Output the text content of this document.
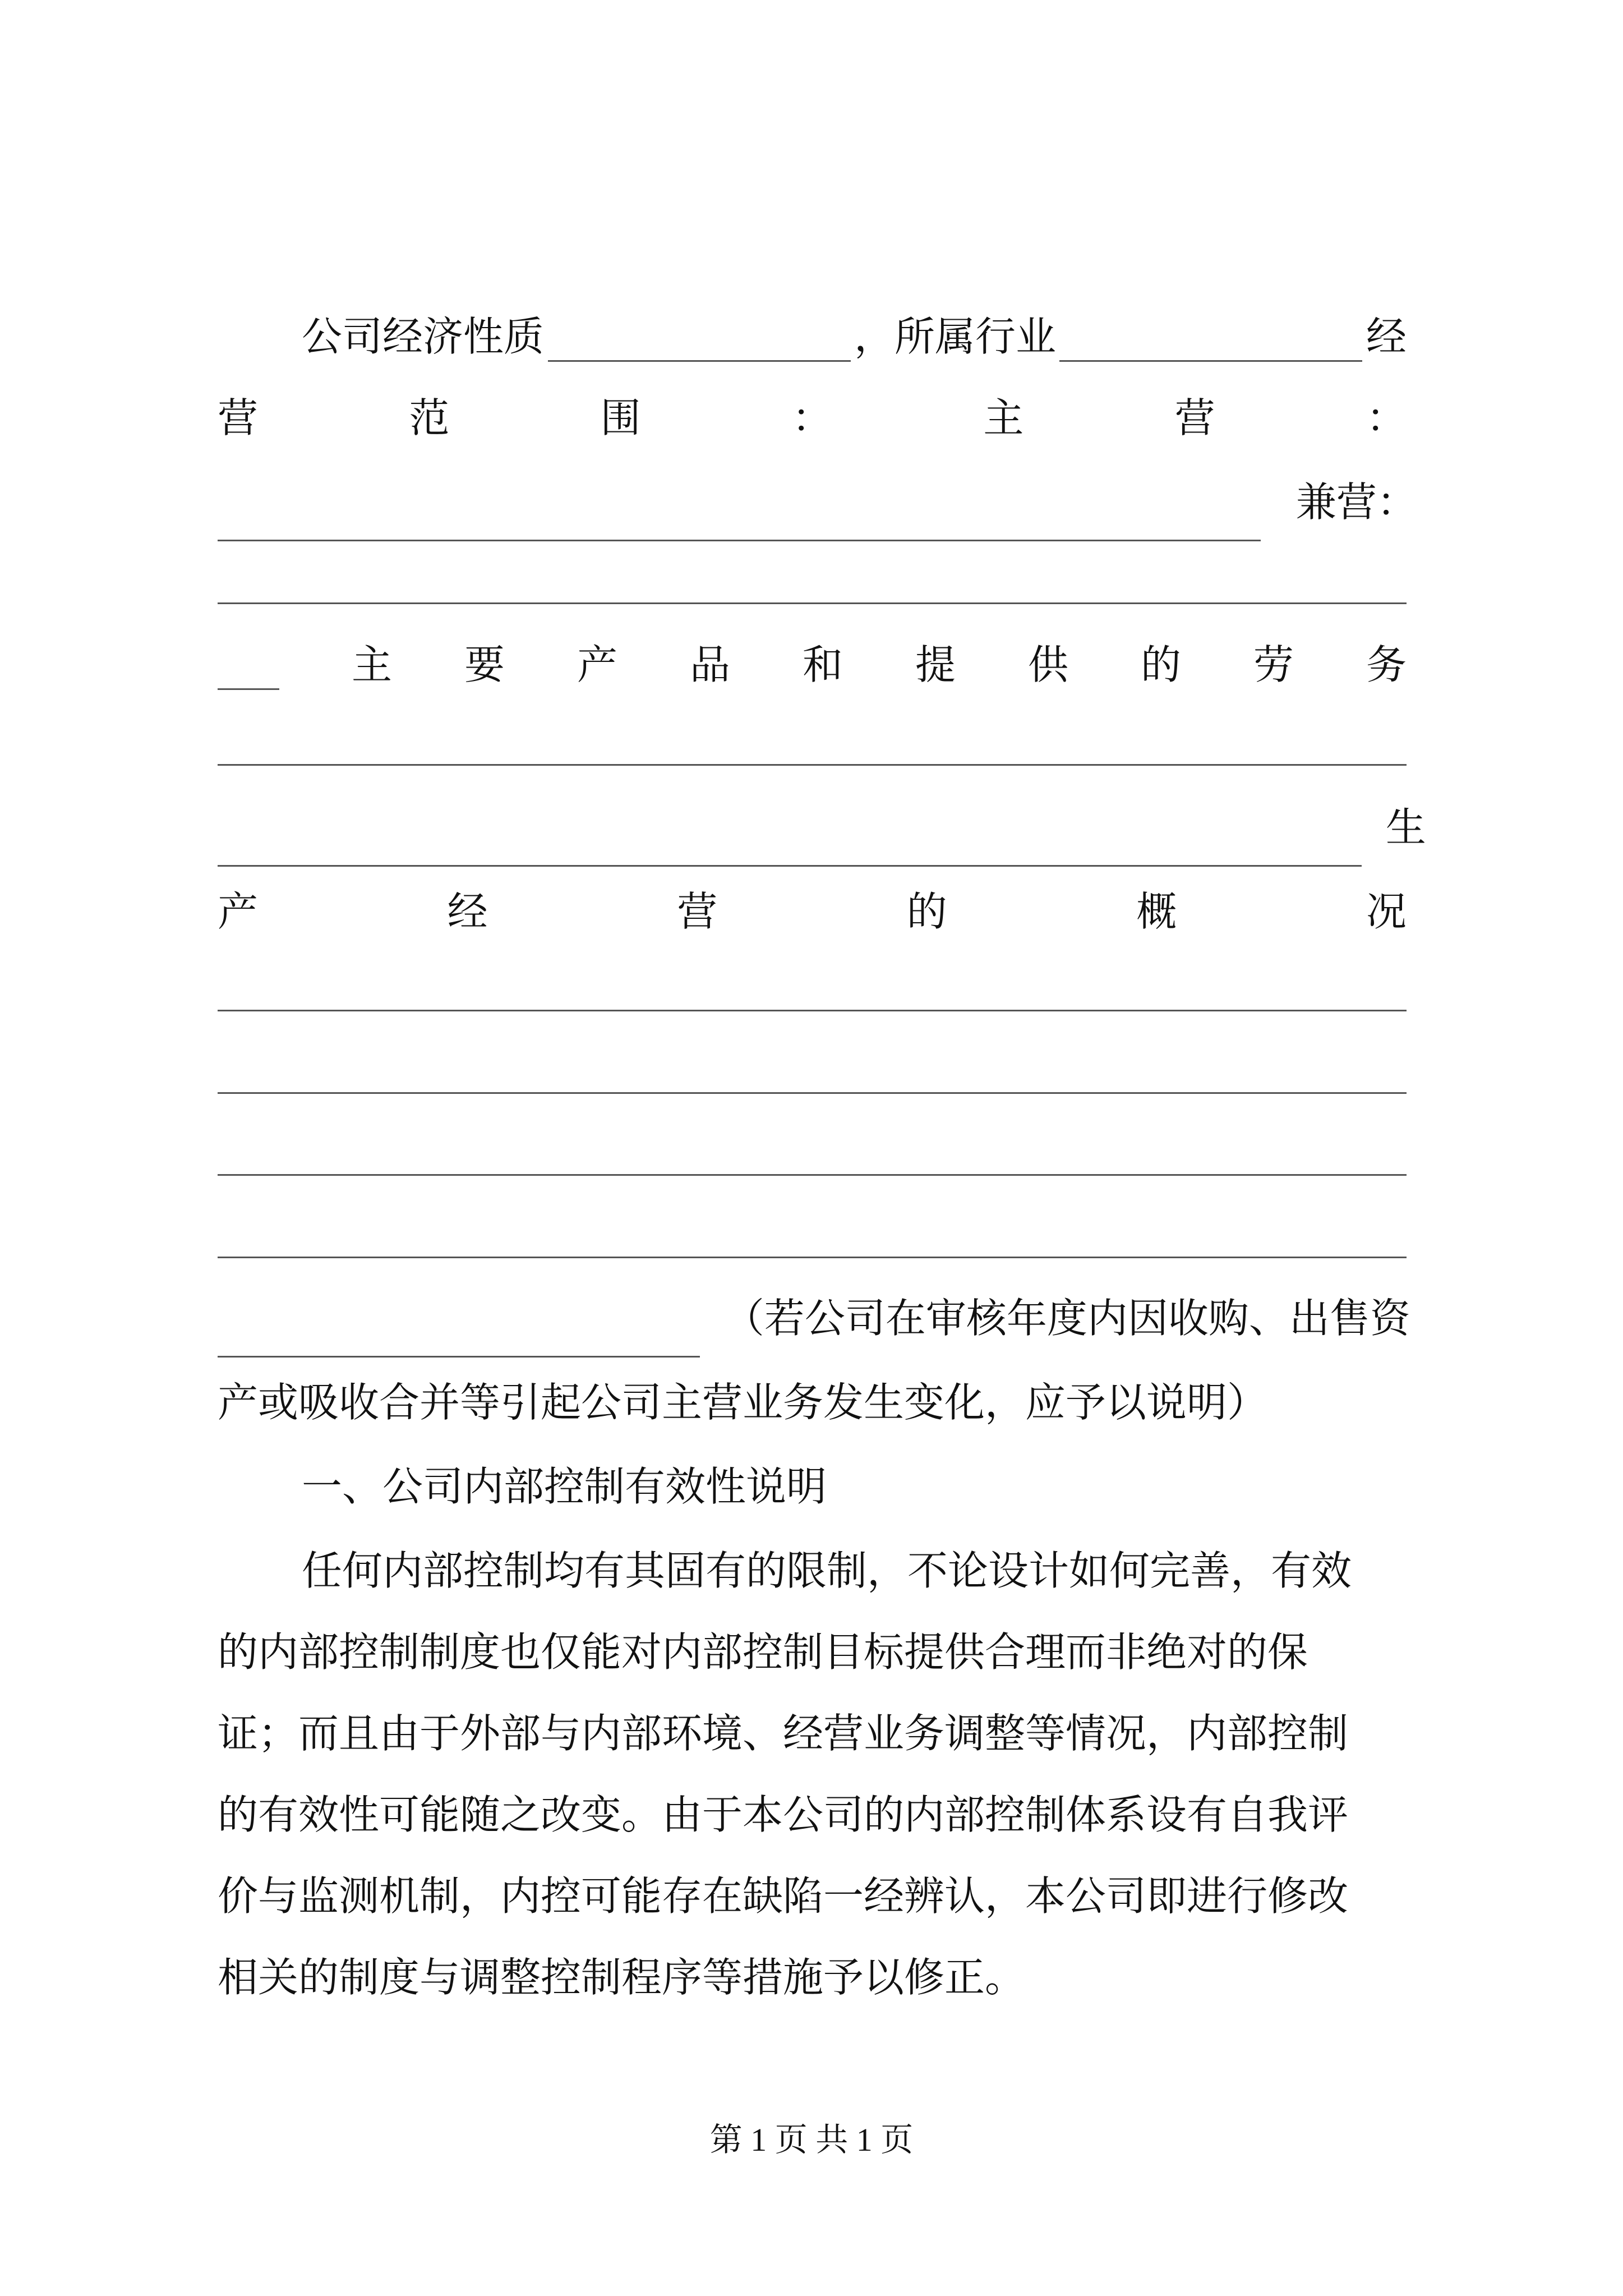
公司经济性质	，所属行业	经
营	范	围	：	主	营	：
兼营：
主 要 产 品 和 提 供 的 劳 务
生
产	经	营	的	概	况
（若公司在审核年度内因收购、出售资
产或吸收合并等引起公司主营业务发生变化，应予以说明）
一、公司内部控制有效性说明
任何内部控制均有其固有的限制，不论设计如何完善，有效
的内部控制制度也仅能对内部控制目标提供合理而非绝对的保
证；而且由于外部与内部环境、经营业务调整等情况，内部控制
的有效性可能随之改变。由于本公司的内部控制体系设有自我评
价与监测机制，内控可能存在缺陷一经辨认，本公司即进行修改
相关的制度与调整控制程序等措施予以修正。
第 1 页 共 1 页
